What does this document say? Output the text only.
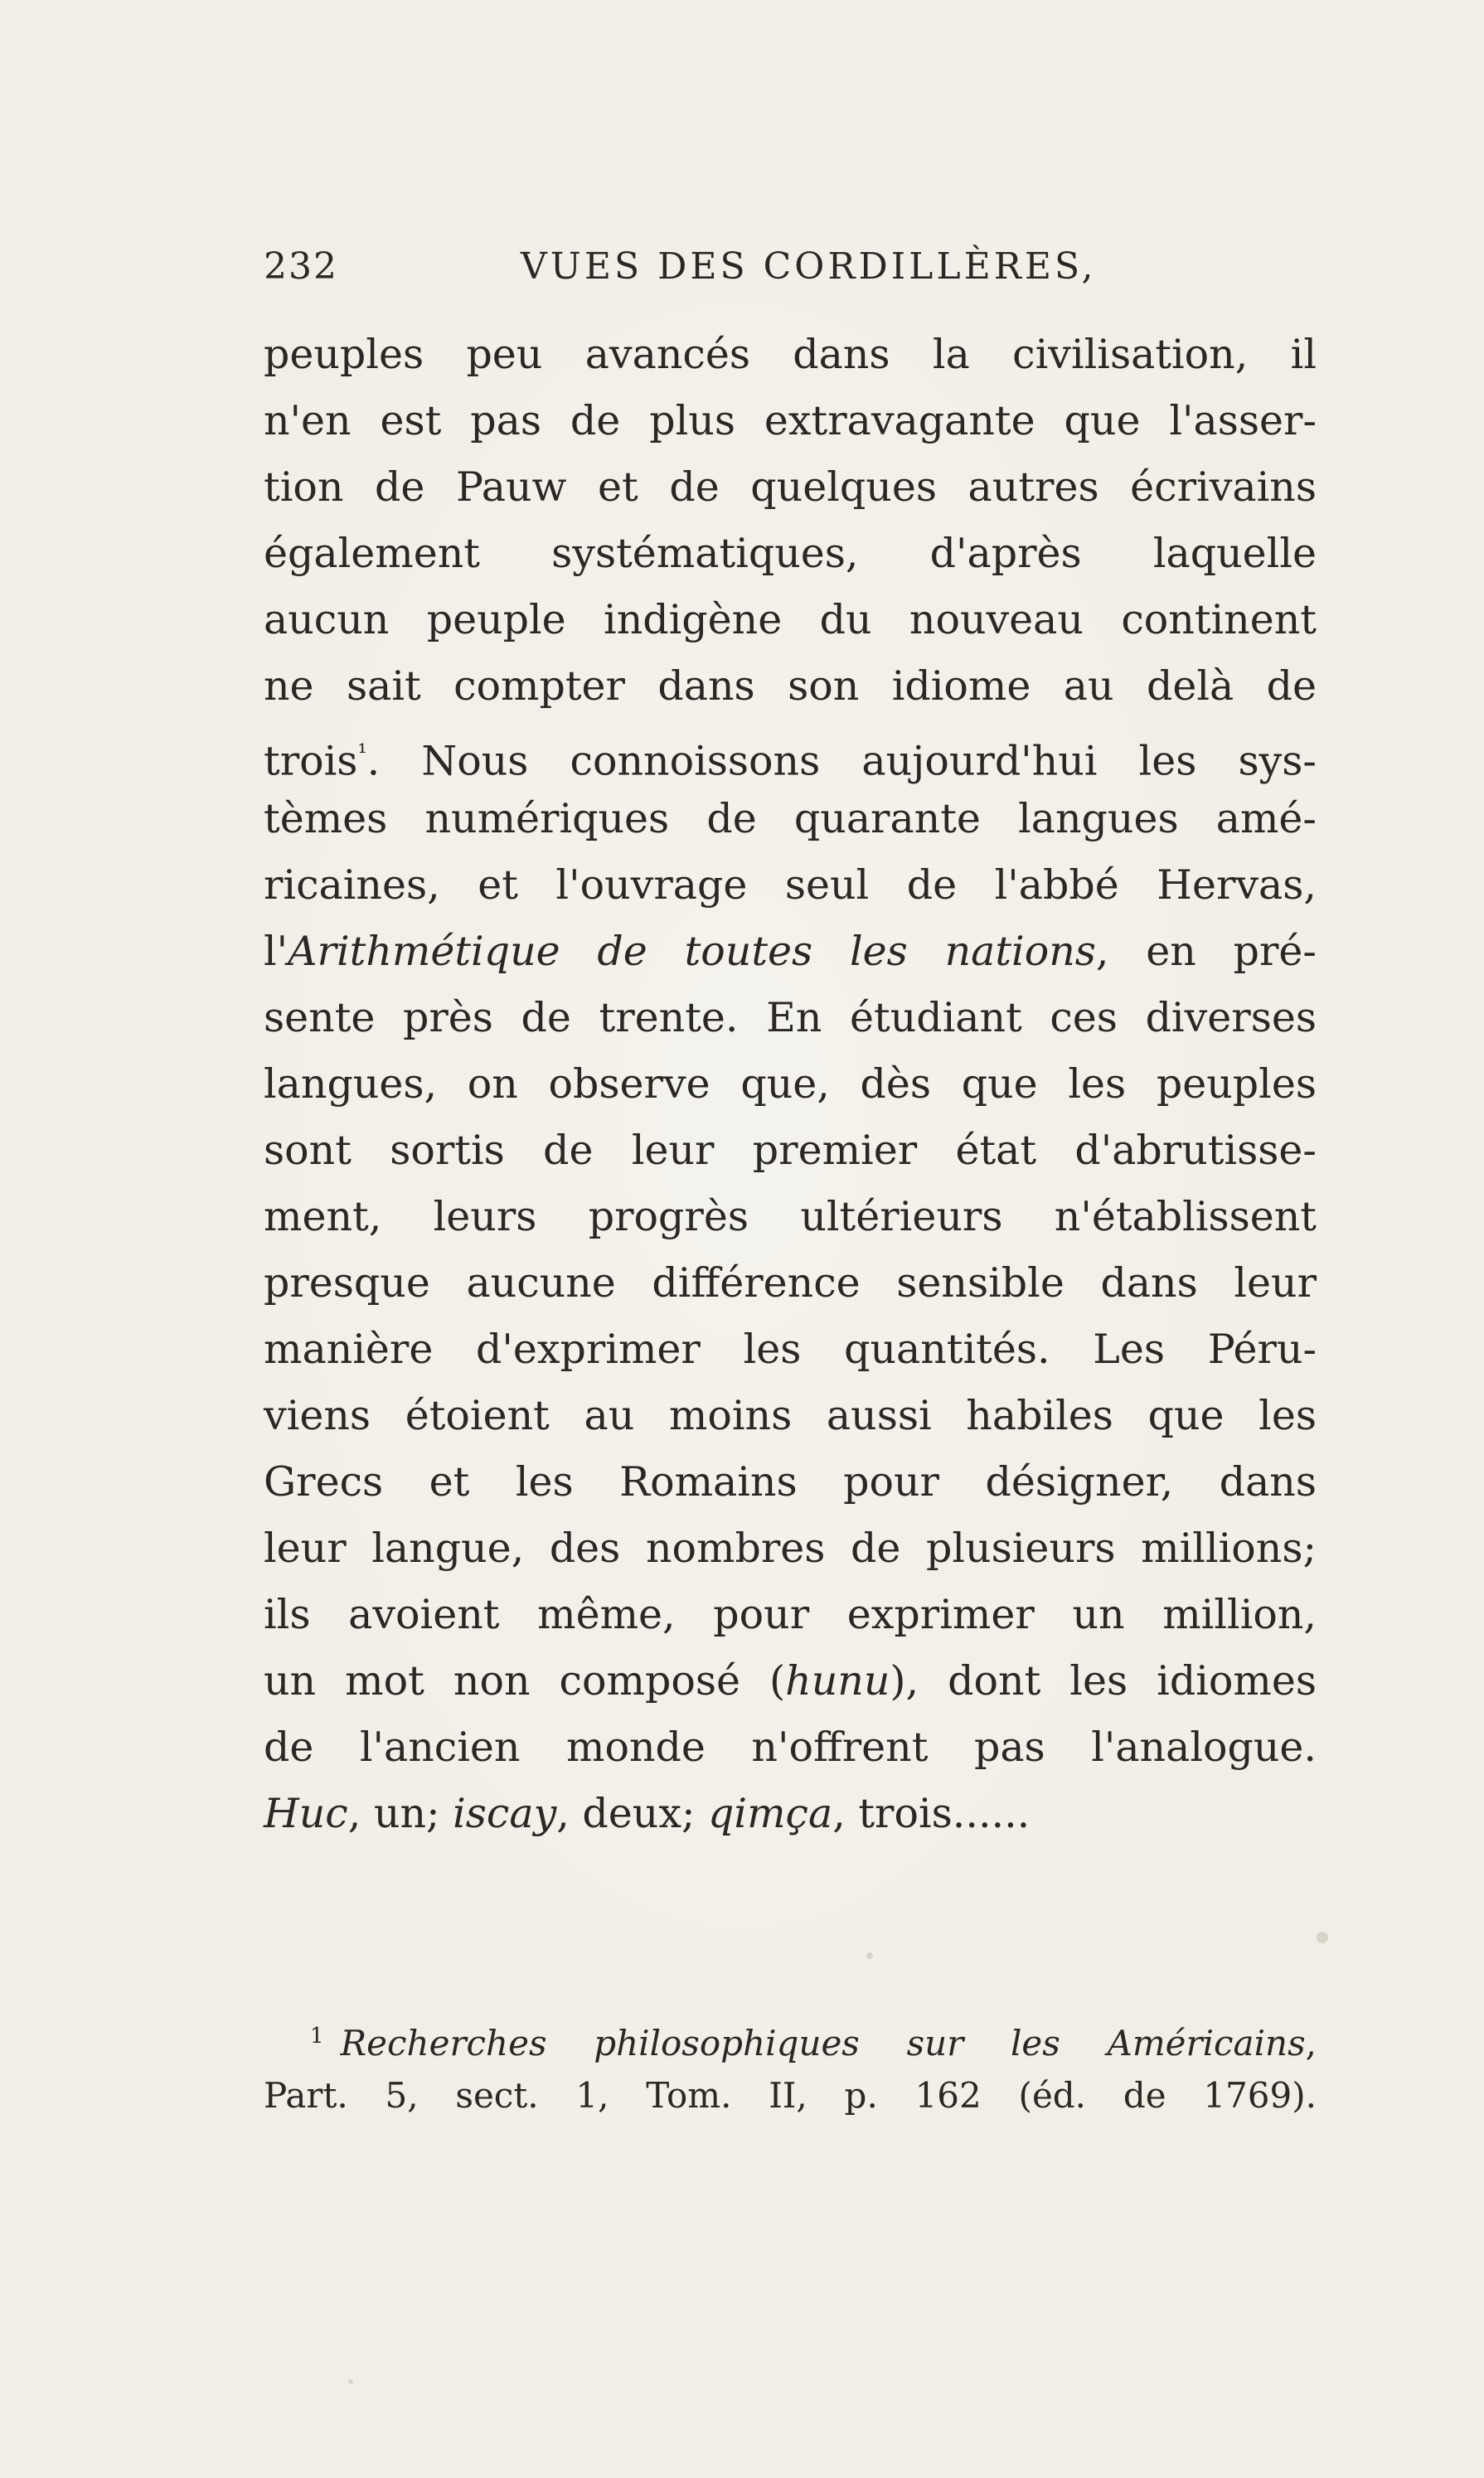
232	VUES DES CORDILLÈRES,
peuples peu avancés dans la civilisation, il
n'en est pas de plus extravagante que l'asser-
tion de Pauw et de quelques autres écrivains
également systématiques, d'après laquelle
aucun peuple indigène du nouveau continent
ne sait compter dans son idiome au delà de
trois$^{^1}$. Nous connoissons aujourd'hui les sys-
tèmes numériques de quarante langues amé-
ricaines, et l'ouvrage seul de l'abbé Hervas,
l'Arithmétique de toutes les nations, en pré-
sente près de trente. En étudiant ces diverses
langues, on observe que, dès que les peuples
sont sortis de leur premier état d'abrutisse-
ment, leurs progrès ultérieurs n'établissent
presque aucune différence sensible dans leur
manière d'exprimer les quantités. Les Péru-
viens étoient au moins aussi habiles que les
Grecs et les Romains pour désigner, dans
leur langue, des nombres de plusieurs millions;
ils avoient même, pour exprimer un million,
un mot non composé (hunu), dont les idiomes
de l'ancien monde n'offrent pas l'analogue.
Huc, un; iscay, deux; qimça, trois......
$^1$ Recherches philosophiques sur les Américains,
Part. 5, sect. 1, Tom. II, p. 162 (éd. de 1769).
